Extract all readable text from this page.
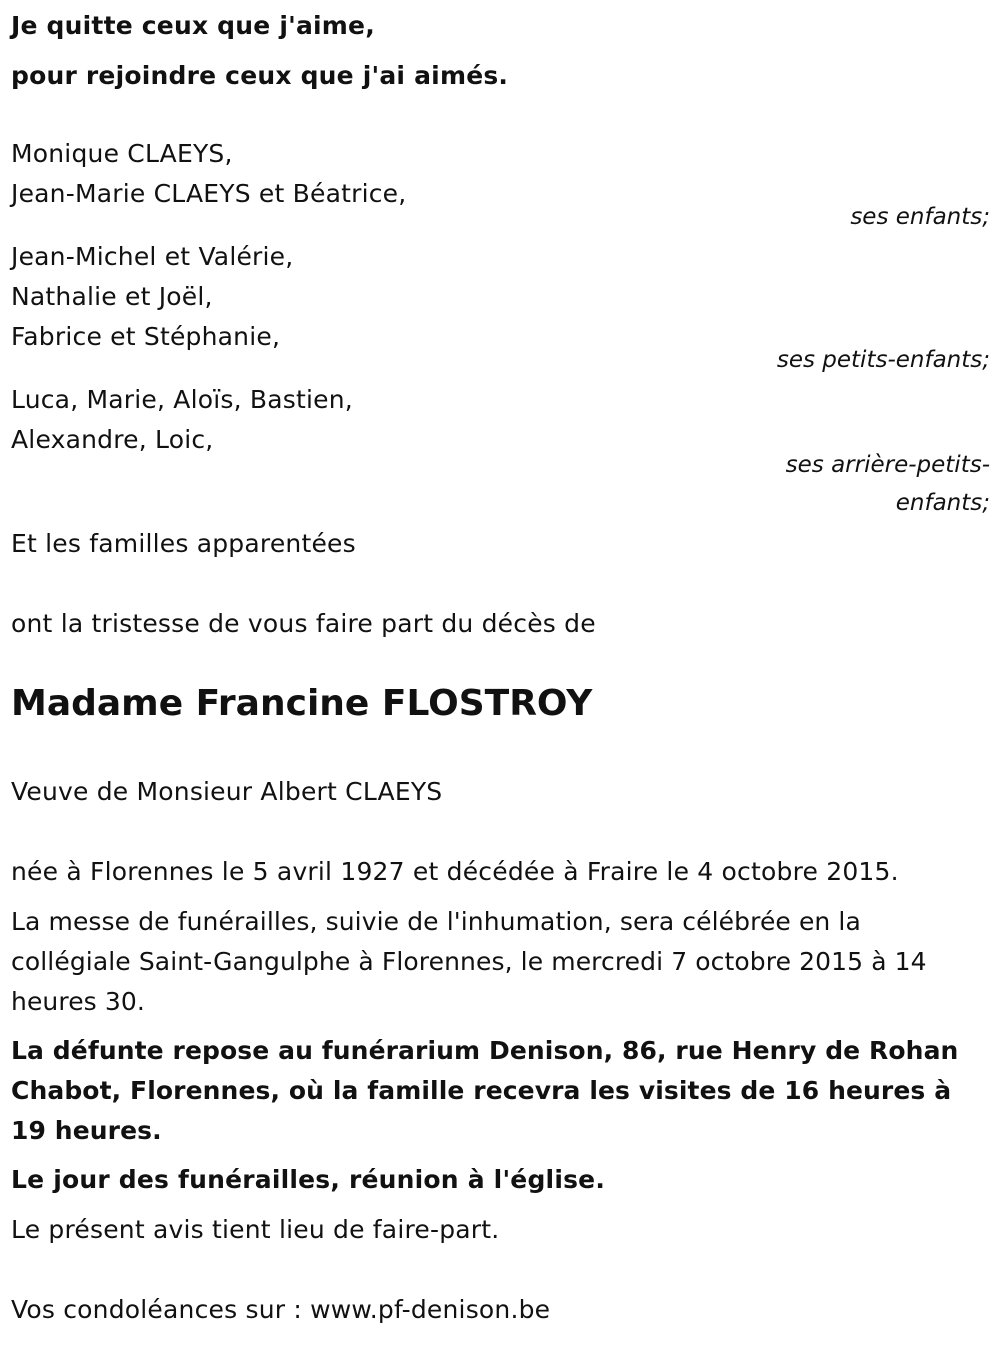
Je quitte ceux que j'aime,
pour rejoindre ceux que j'ai aimés.
Monique CLAEYS,
Jean-Marie CLAEYS et Béatrice,
ses enfants;
Jean-Michel et Valérie,
Nathalie et Joël,
Fabrice et Stéphanie,
ses petits-enfants;
Luca, Marie, Aloïs, Bastien,
Alexandre, Loic,
ses arrière-petits-
enfants;
Et les familles apparentées
ont la tristesse de vous faire part du décès de
Madame Francine FLOSTROY
Veuve de Monsieur Albert CLAEYS
née à Florennes le 5 avril 1927 et décédée à Fraire le 4 octobre 2015.
La messe de funérailles, suivie de l'inhumation, sera célébrée en la collégiale Saint-Gangulphe à Florennes, le mercredi 7 octobre 2015 à 14 heures 30.
La défunte repose au funérarium Denison, 86, rue Henry de Rohan Chabot, Florennes, où la famille recevra les visites de 16 heures à 19 heures.
Le jour des funérailles, réunion à l'église.
Le présent avis tient lieu de faire-part.
Vos condoléances sur : www.pf-denison.be
